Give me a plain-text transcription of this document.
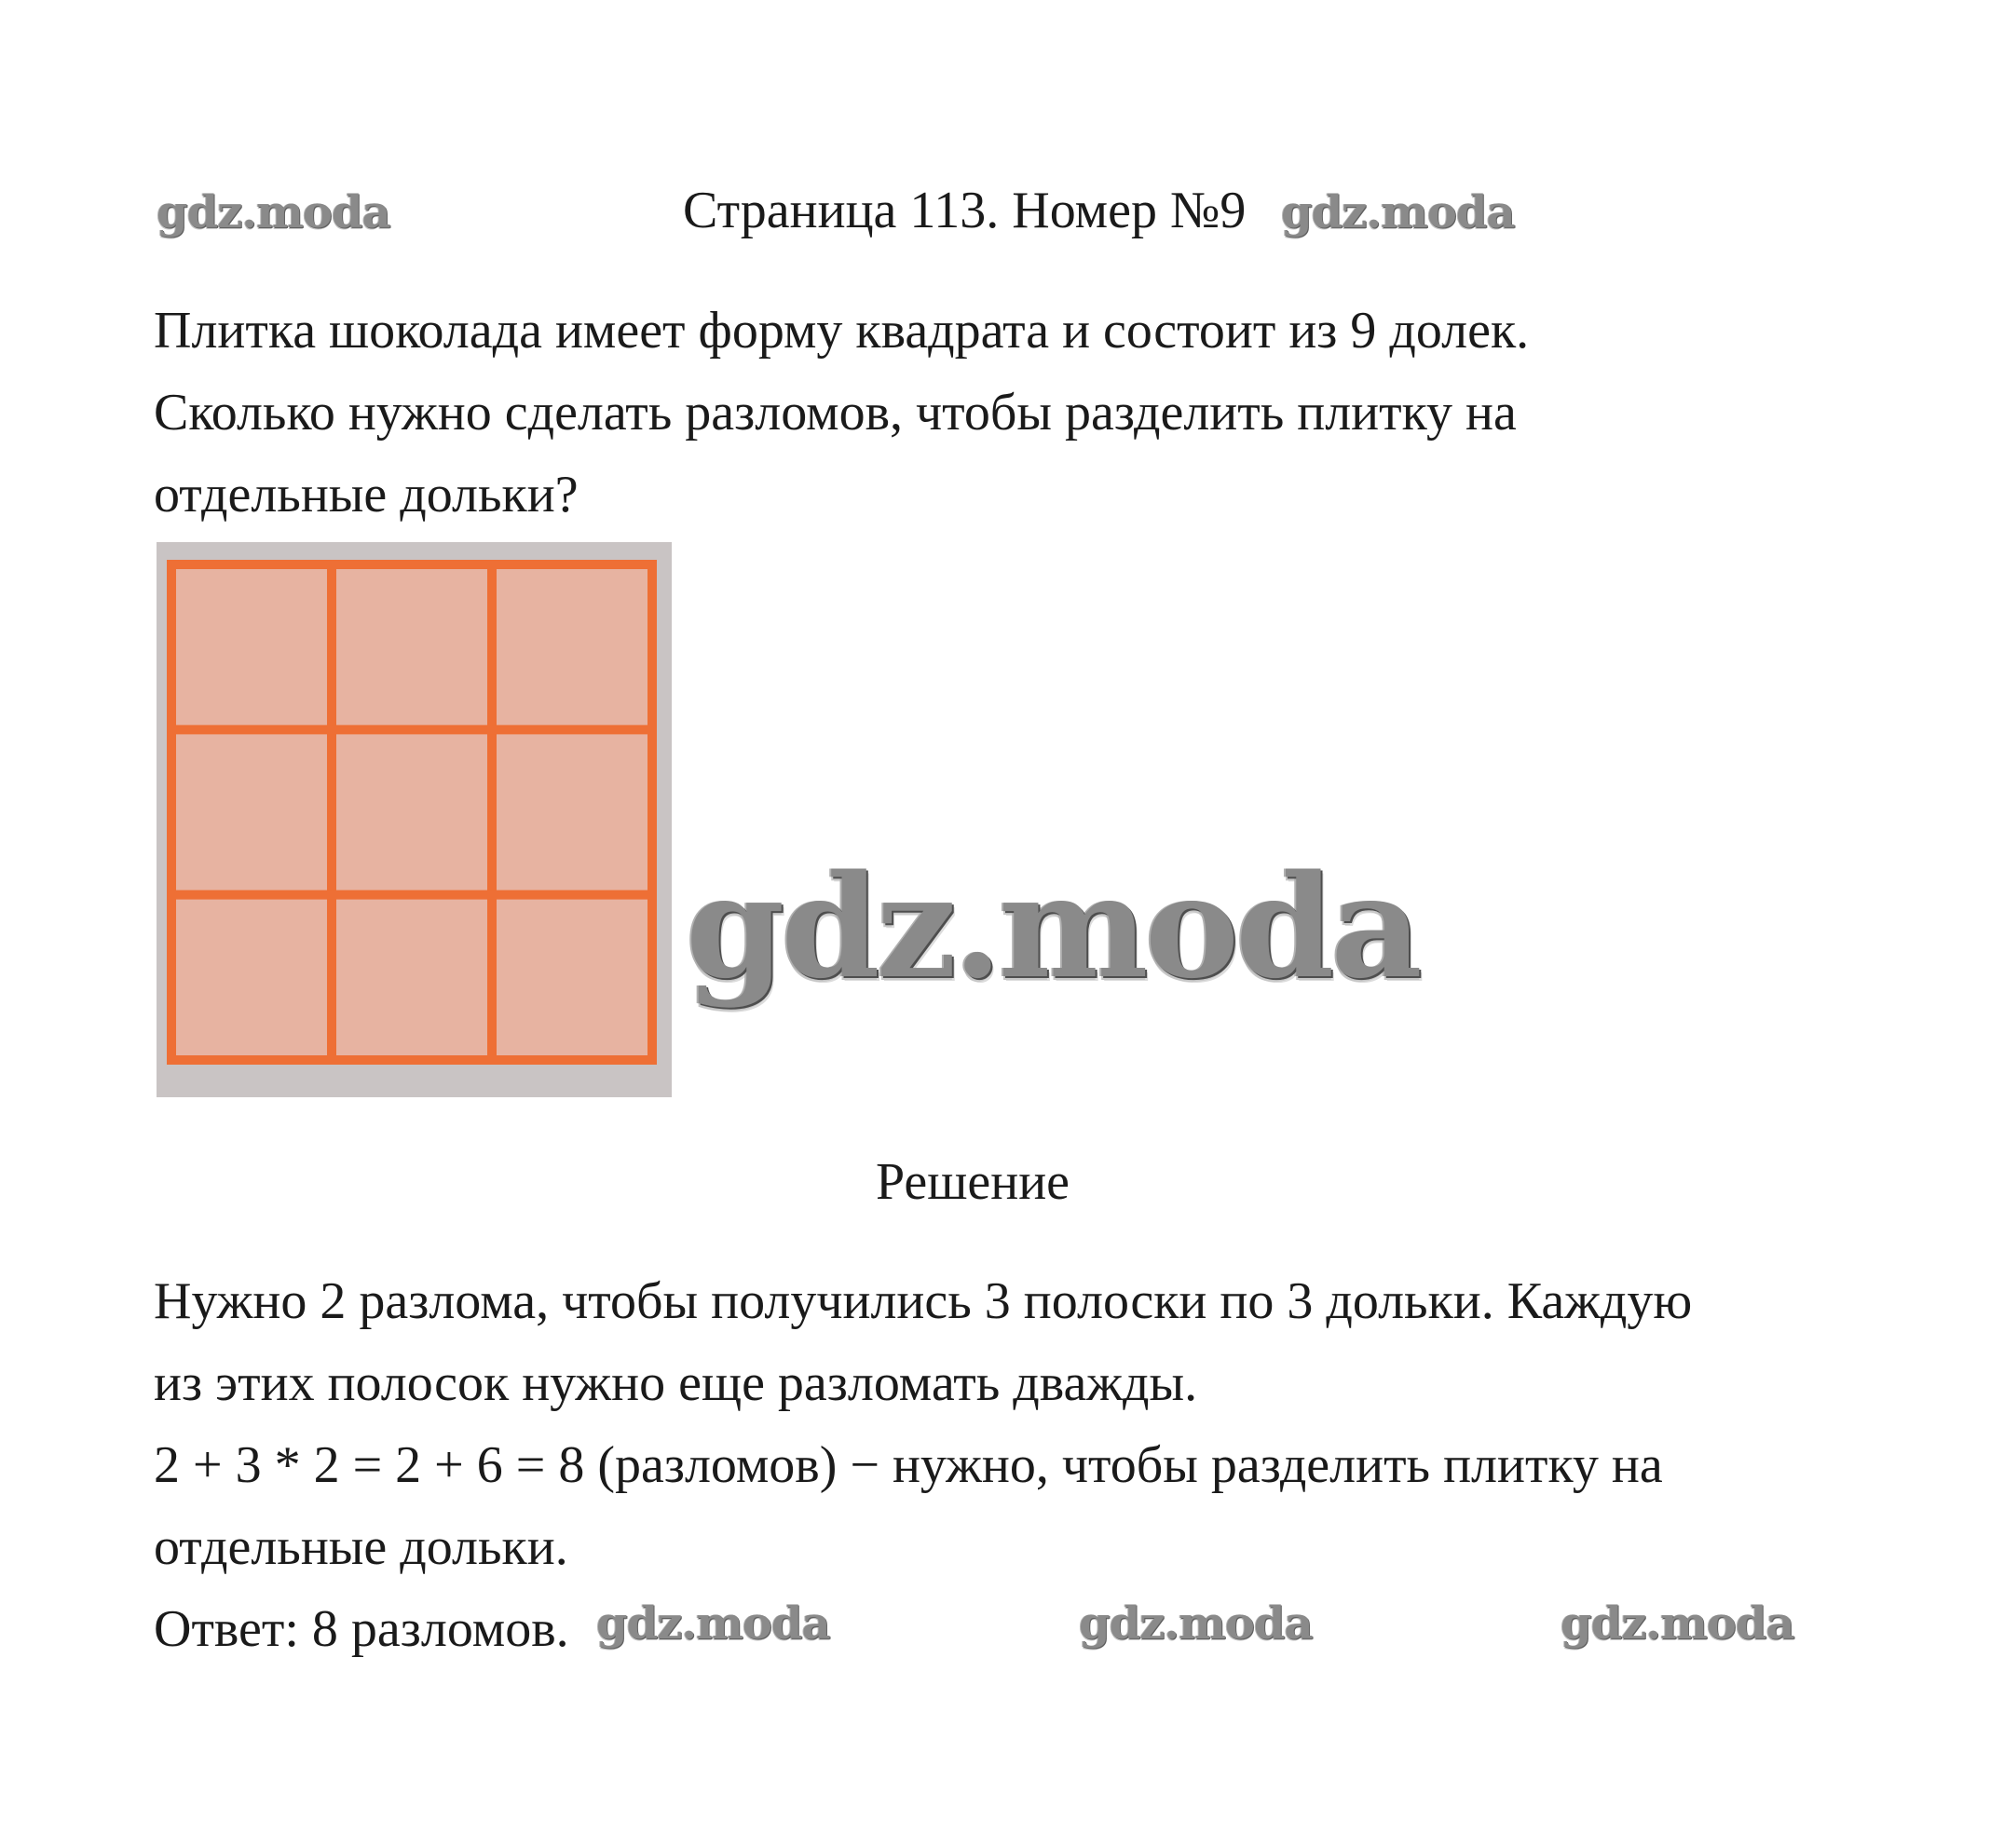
gdz.moda	gdz.moda
gdz.moda
gdz.moda	gdz.moda	gdz.moda
Страница 113. Номер №9
Плитка шоколада имеет форму квадрата и состоит из 9 долек.
Сколько нужно сделать разломов, чтобы разделить плитку на
отдельные дольки?
Решение
Нужно 2 разлома, чтобы получились 3 полоски по 3 дольки. Каждую
из этих полосок нужно еще разломать дважды.
2 + 3 * 2 = 2 + 6 = 8 (разломов) − нужно, чтобы разделить плитку на
отдельные дольки.
Ответ: 8 разломов.
